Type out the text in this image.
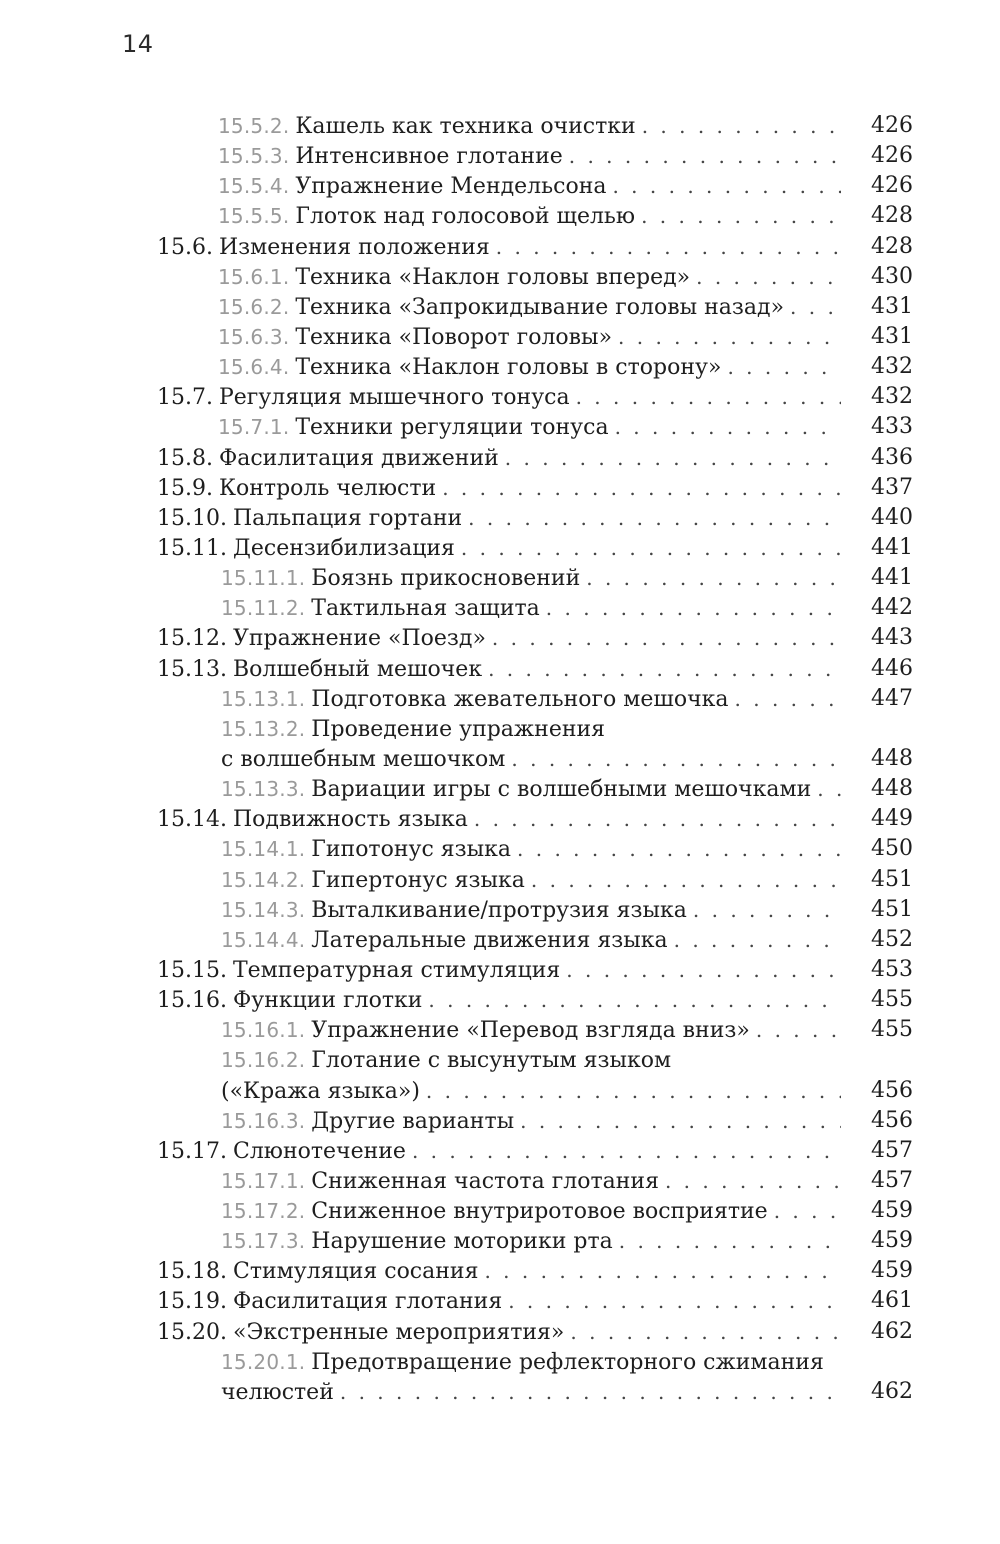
14
15.5.2. Кашель как техника очистки . . .	426
15.5.3. Интенсивное глотание . . .	426
15.5.4. Упражнение Мендельсона . . .	426
15.5.5. Глоток над голосовой щелью . . .	428
15.6. Изменения положения . . .	428
15.6.1. Техника «Наклон головы вперед» . . .	430
15.6.2. Техника «Запрокидывание головы назад» . . .	431
15.6.3. Техника «Поворот головы» . . .	431
15.6.4. Техника «Наклон головы в сторону» . . .	432
15.7. Регуляция мышечного тонуса . . .	432
15.7.1. Техники регуляции тонуса . . .	433
15.8. Фасилитация движений . . .	436
15.9. Контроль челюсти . . .	437
15.10. Пальпация гортани . . .	440
15.11. Десензибилизация . . .	441
15.11.1. Боязнь прикосновений . . .	441
15.11.2. Тактильная защита . . .	442
15.12. Упражнение «Поезд» . . .	443
15.13. Волшебный мешочек . . .	446
15.13.1. Подготовка жевательного мешочка . . .	447
15.13.2. Проведение упражнения
с волшебным мешочком . . .	448
15.13.3. Вариации игры с волшебными мешочками . . .	448
15.14. Подвижность языка . . .	449
15.14.1. Гипотонус языка . . .	450
15.14.2. Гипертонус языка . . .	451
15.14.3. Выталкивание/протрузия языка . . .	451
15.14.4. Латеральные движения языка . . .	452
15.15. Температурная стимуляция . . .	453
15.16. Функции глотки . . .	455
15.16.1. Упражнение «Перевод взгляда вниз» . . .	455
15.16.2. Глотание с высунутым языком
(«Кража языка») . . .	456
15.16.3. Другие варианты . . .	456
15.17. Слюнотечение . . .	457
15.17.1. Сниженная частота глотания . . .	457
15.17.2. Сниженное внутриротовое восприятие . . .	459
15.17.3. Нарушение моторики рта . . .	459
15.18. Стимуляция сосания . . .	459
15.19. Фасилитация глотания . . .	461
15.20. «Экстренные мероприятия» . . .	462
15.20.1. Предотвращение рефлекторного сжимания
челюстей . . .	462
